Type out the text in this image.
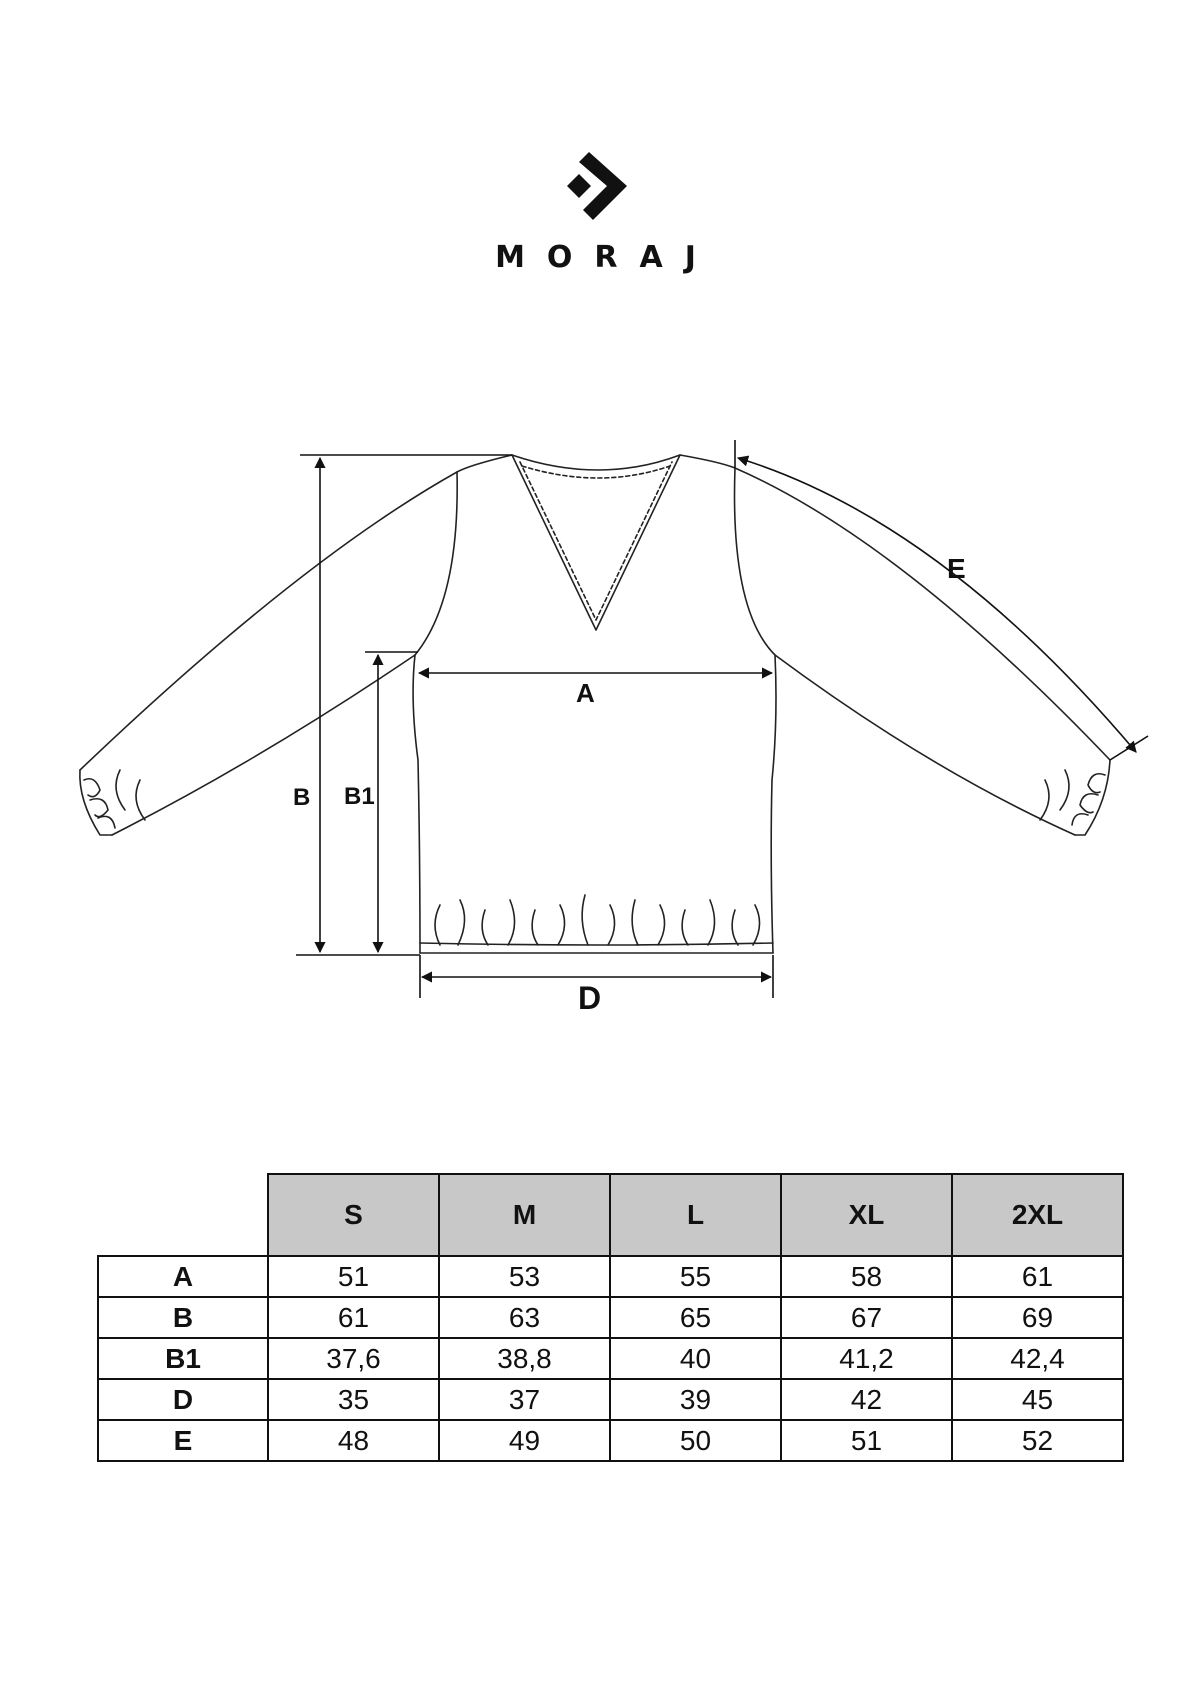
MORAJ
A
B B1
D
E
	S	M	L	XL	2XL
A	51	53	55	58	61
B	61	63	65	67	69
B1	37,6	38,8	40	41,2	42,4
D	35	37	39	42	45
E	48	49	50	51	52
